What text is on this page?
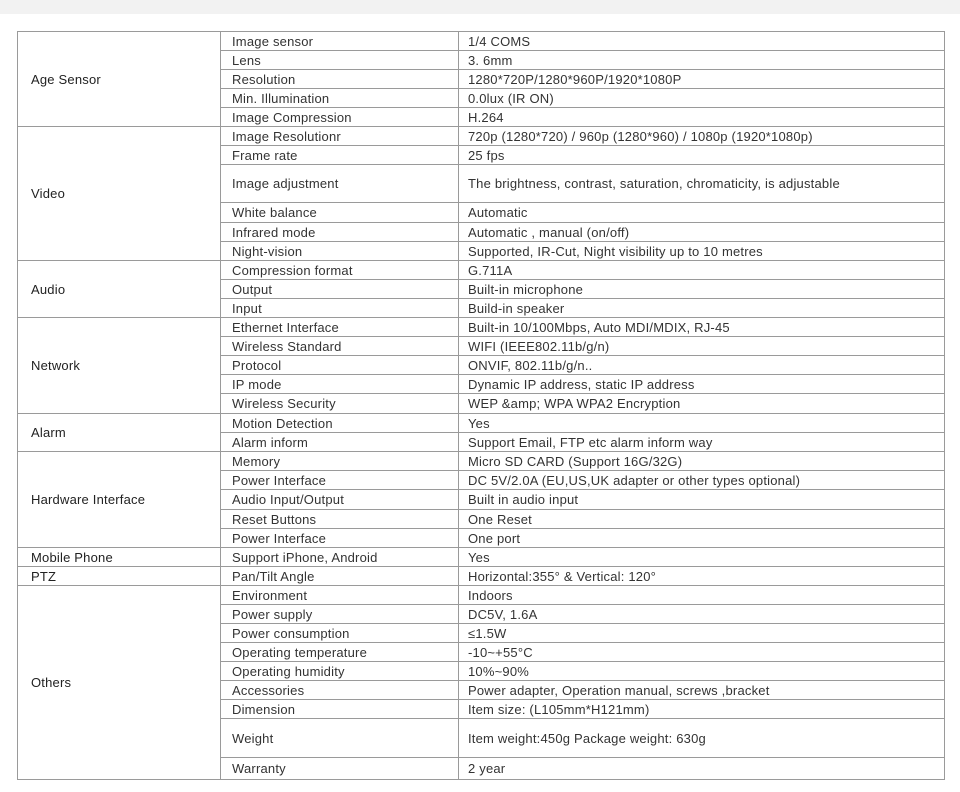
Age Sensor	Image sensor	1/4 COMS
	Lens	3. 6mm
	Resolution	1280*720P/1280*960P/1920*1080P
	Min. Illumination	0.0lux (IR ON)
	Image Compression	H.264
Video	Image Resolutionr	720p (1280*720) / 960p (1280*960) / 1080p (1920*1080p)
	Frame rate	25 fps
	Image adjustment	The brightness, contrast, saturation, chromaticity, is adjustable
	White balance	Automatic
	Infrared mode	Automatic , manual (on/off)
	Night-vision	Supported, IR-Cut, Night visibility up to 10 metres
Audio	Compression format	G.711A
	Output	Built-in microphone
	Input	Build-in speaker
Network	Ethernet Interface	Built-in 10/100Mbps, Auto MDI/MDIX, RJ-45
	Wireless Standard	WIFI (IEEE802.11b/g/n)
	Protocol	ONVIF, 802.11b/g/n..
	IP mode	Dynamic IP address, static IP address
	Wireless Security	WEP &amp; WPA WPA2 Encryption
Alarm	Motion Detection	Yes
	Alarm inform	Support Email, FTP etc alarm inform way
Hardware Interface	Memory	Micro SD CARD (Support 16G/32G)
	Power Interface	DC 5V/2.0A (EU,US,UK adapter or other types optional)
	Audio Input/Output	Built in audio input
	Reset Buttons	One Reset
	Power Interface	One port
Mobile Phone	Support iPhone, Android	Yes
PTZ	Pan/Tilt Angle	Horizontal:355° & Vertical: 120°
Others	Environment	Indoors
	Power supply	DC5V, 1.6A
	Power consumption	≤1.5W
	Operating temperature	-10~+55°C
	Operating humidity	10%~90%
	Accessories	Power adapter, Operation manual, screws ,bracket
	Dimension	Item size: (L105mm*H121mm)
	Weight	Item weight:450g Package weight: 630g
	Warranty	2 year
